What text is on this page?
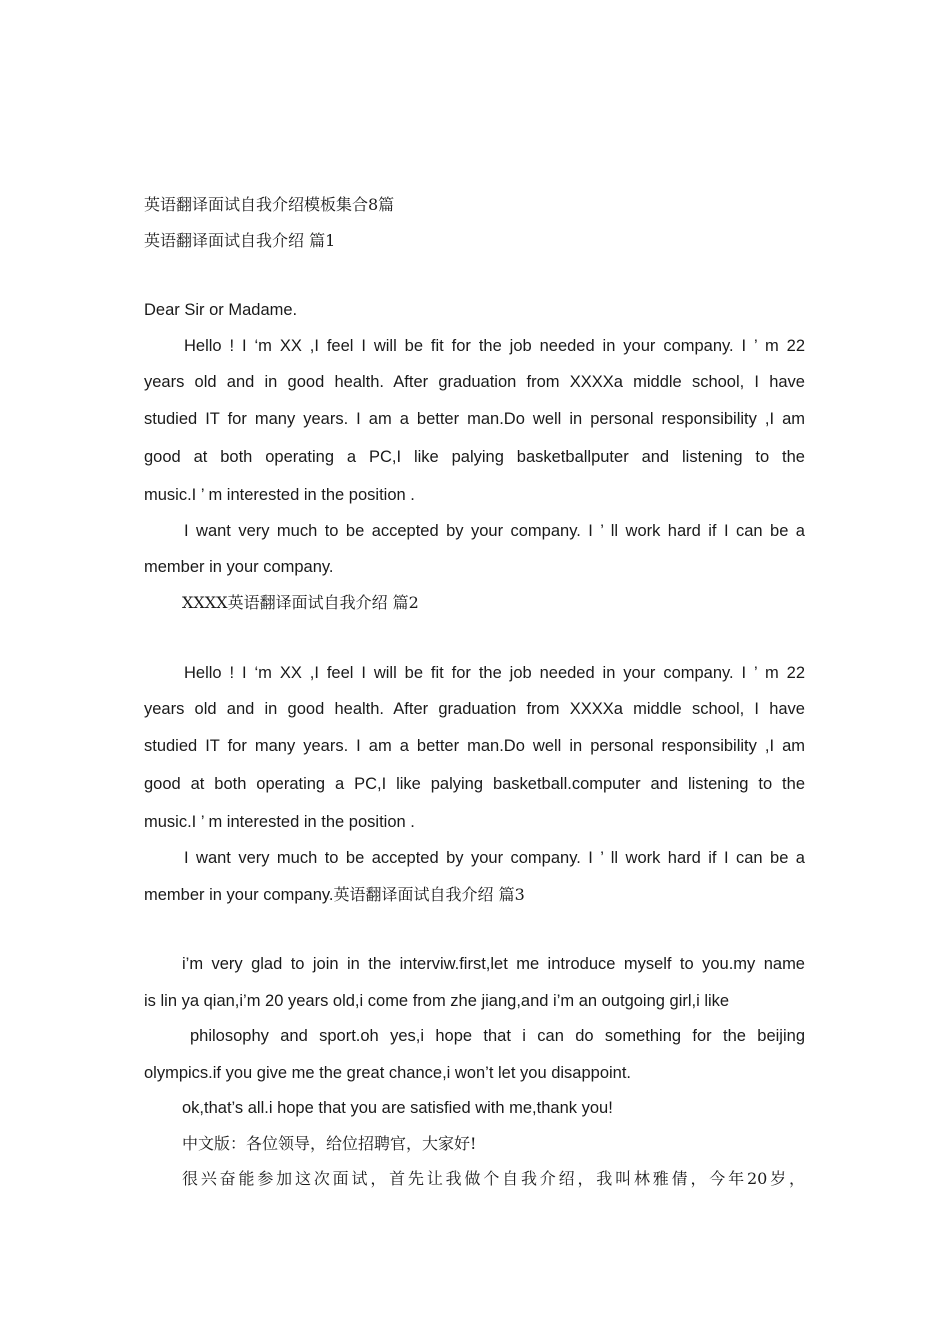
英语翻译面试自我介绍模板集合8篇
英语翻译面试自我介绍 篇1
Dear Sir or Madame.
Hello ! I ‘m XX ,I feel I will be fit for the job needed in your company. I ’ m 22
years old and in good health. After graduation from XXXXa middle school, I have
studied IT for many years. I am a better man.Do well in personal responsibility ,I am
good at both operating a PC,I like palying basketballputer and listening to the
music.I ’ m interested in the position .
I want very much to be accepted by your company. I ’ ll work hard if I can be a
member in your company.
XXXX英语翻译面试自我介绍 篇2
Hello ! I ‘m XX ,I feel I will be fit for the job needed in your company. I ’ m 22
years old and in good health. After graduation from XXXXa middle school, I have
studied IT for many years. I am a better man.Do well in personal responsibility ,I am
good at both operating a PC,I like palying basketball.computer and listening to the
music.I ’ m interested in the position .
I want very much to be accepted by your company. I ’ ll work hard if I can be a
member in your company.英语翻译面试自我介绍 篇3
i’m very glad to join in the interviw.first,let me introduce myself to you.my name
is lin ya qian,i’m 20 years old,i come from zhe jiang,and i’m an outgoing girl,i like
philosophy and sport.oh yes,i hope that i can do something for the beijing
olympics.if you give me the great chance,i won’t let you disappoint.
ok,that’s all.i hope that you are satisfied with me,thank you!
中文版：各位领导，给位招聘官，大家好!
很兴奋能参加这次面试，首先让我做个自我介绍，我叫林雅倩，今年20岁，
